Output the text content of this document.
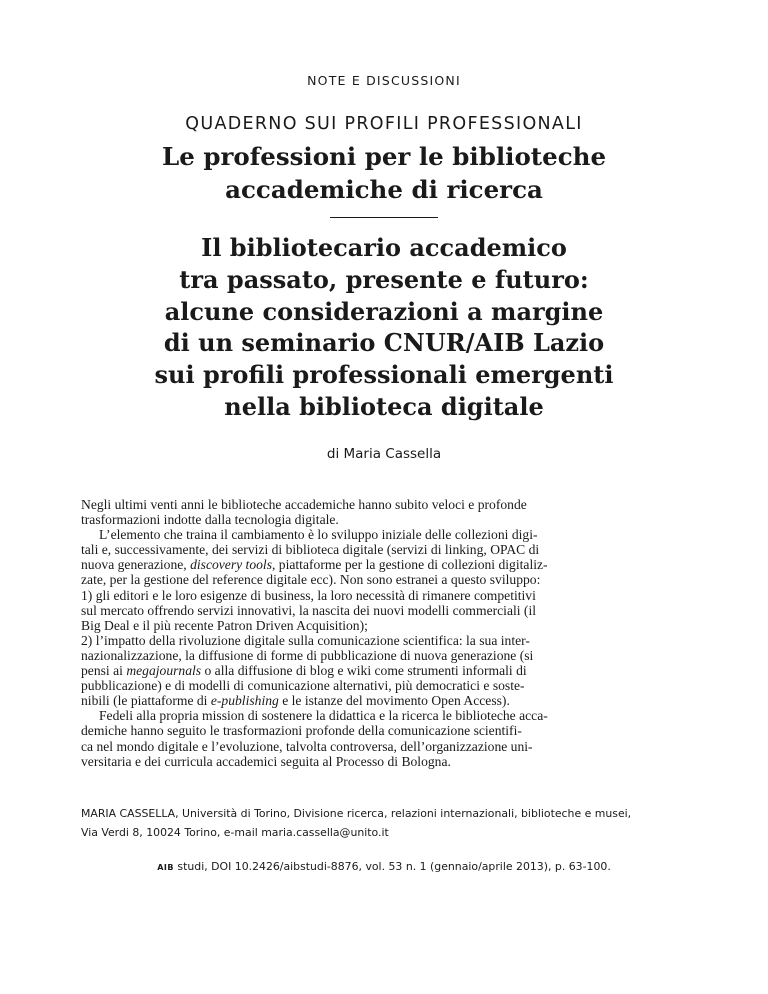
NOTE E DISCUSSIONI
QUADERNO SUI PROFILI PROFESSIONALI
Le professioni per le biblioteche
accademiche di ricerca
Il bibliotecario accademico
tra passato, presente e futuro:
alcune considerazioni a margine
di un seminario CNUR/AIB Lazio
sui profili professionali emergenti
nella biblioteca digitale
di Maria Cassella
Negli ultimi venti anni le biblioteche accademiche hanno subito veloci e profonde
trasformazioni indotte dalla tecnologia digitale.
L’elemento che traina il cambiamento è lo sviluppo iniziale delle collezioni digi-
tali e, successivamente, dei servizi di biblioteca digitale (servizi di linking, OPAC di
nuova generazione, discovery tools, piattaforme per la gestione di collezioni digitaliz-
zate, per la gestione del reference digitale ecc). Non sono estranei a questo sviluppo:
1) gli editori e le loro esigenze di business, la loro necessità di rimanere competitivi
sul mercato offrendo servizi innovativi, la nascita dei nuovi modelli commerciali (il
Big Deal e il più recente Patron Driven Acquisition);
2) l’impatto della rivoluzione digitale sulla comunicazione scientifica: la sua inter-
nazionalizzazione, la diffusione di forme di pubblicazione di nuova generazione (si
pensi ai megajournals o alla diffusione di blog e wiki come strumenti informali di
pubblicazione) e di modelli di comunicazione alternativi, più democratici e soste-
nibili (le piattaforme di e-publishing e le istanze del movimento Open Access).
Fedeli alla propria mission di sostenere la didattica e la ricerca le biblioteche acca-
demiche hanno seguito le trasformazioni profonde della comunicazione scientifi-
ca nel mondo digitale e l’evoluzione, talvolta controversa, dell’organizzazione uni-
versitaria e dei curricula accademici seguita al Processo di Bologna.
MARIA CASSELLA, Università di Torino, Divisione ricerca, relazioni internazionali, biblioteche e musei,
Via Verdi 8, 10024 Torino, e-mail maria.cassella@unito.it
aib studi, DOI 10.2426/aibstudi-8876, vol. 53 n. 1 (gennaio/aprile 2013), p. 63-100.
